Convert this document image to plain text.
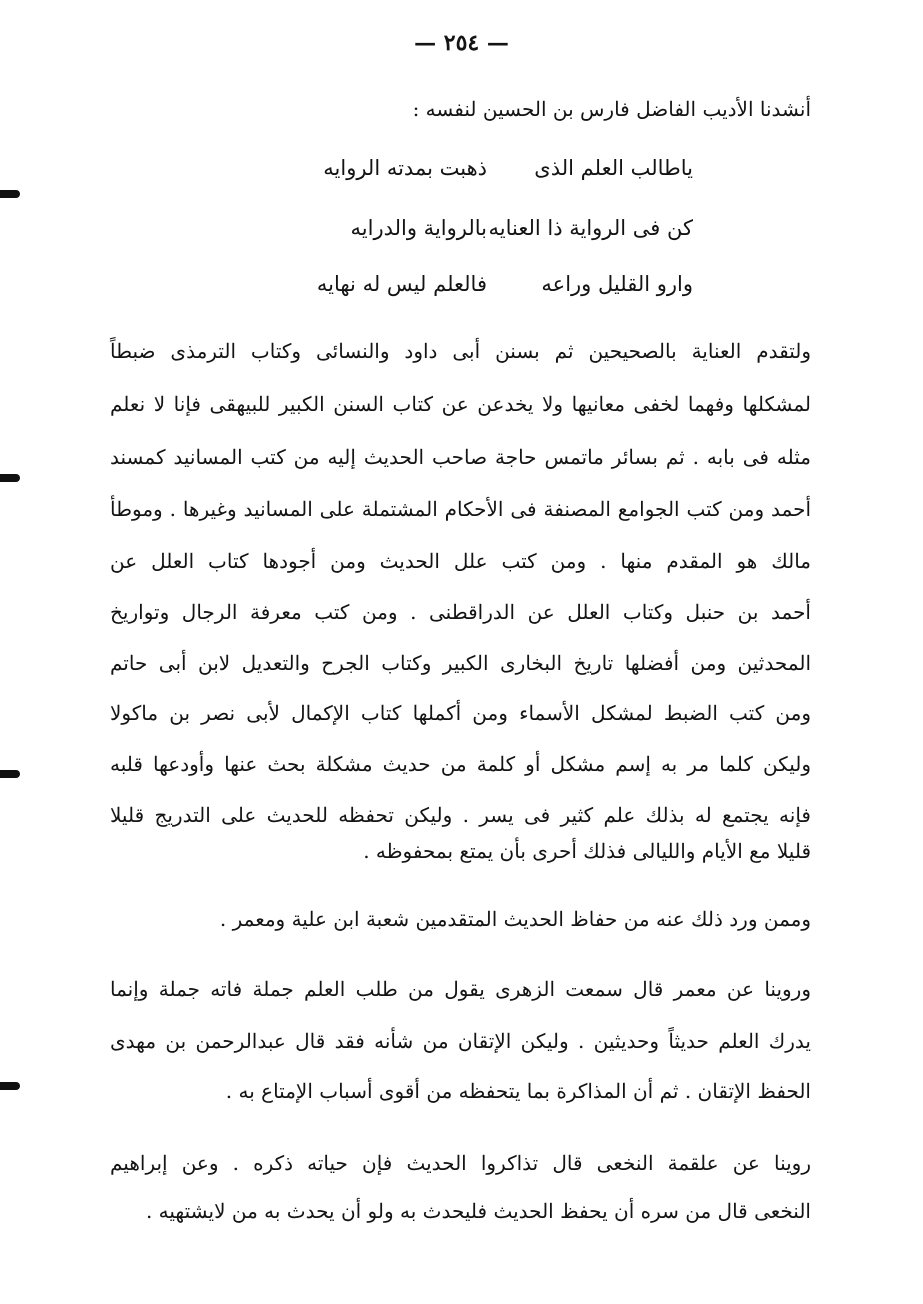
— ٢٥٤ —
أنشدنا الأديب الفاضل فارس بن الحسين لنفسه :
ياطالب العلم الذى
ذهبت بمدته الروايه
كن فى الرواية ذا العنايه
بالرواية والدرايه
وارو القليل وراعه
فالعلم ليس له نهايه
ولتقدم العناية بالصحيحين ثم بسنن أبى داود والنسائى وكتاب الترمذى ضبطاً
لمشكلها وفهما لخفى معانيها ولا يخدعن عن كتاب السنن الكبير للبيهقى فإنا لا نعلم
مثله فى بابه . ثم بسائر ماتمس حاجة صاحب الحديث إليه من كتب المسانيد كمسند
أحمد ومن كتب الجوامع المصنفة فى الأحكام المشتملة على المسانيد وغيرها . وموطأ
مالك هو المقدم منها . ومن كتب علل الحديث ومن أجودها كتاب العلل عن
أحمد بن حنبل وكتاب العلل عن الدراقطنى . ومن كتب معرفة الرجال وتواريخ
المحدثين ومن أفضلها تاريخ البخارى الكبير وكتاب الجرح والتعديل لابن أبى حاتم
ومن كتب الضبط لمشكل الأسماء ومن أكملها كتاب الإكمال لأبى نصر بن ماكولا
وليكن كلما مر به إسم مشكل أو كلمة من حديث مشكلة بحث عنها وأودعها قلبه
فإنه يجتمع له بذلك علم كثير فى يسر . وليكن تحفظه للحديث على التدريج قليلا
قليلا مع الأيام والليالى فذلك أحرى بأن يمتع بمحفوظه .
وممن ورد ذلك عنه من حفاظ الحديث المتقدمين شعبة ابن علية ومعمر .
وروينا عن معمر قال سمعت الزهرى يقول من طلب العلم جملة فاته جملة وإنما
يدرك العلم حديثاً وحديثين . وليكن الإتقان من شأنه فقد قال عبدالرحمن بن مهدى
الحفظ الإتقان . ثم أن المذاكرة بما يتحفظه من أقوى أسباب الإمتاع به .
روينا عن علقمة النخعى قال تذاكروا الحديث فإن حياته ذكره . وعن إبراهيم
النخعى قال من سره أن يحفظ الحديث فليحدث به ولو أن يحدث به من لايشتهيه .
